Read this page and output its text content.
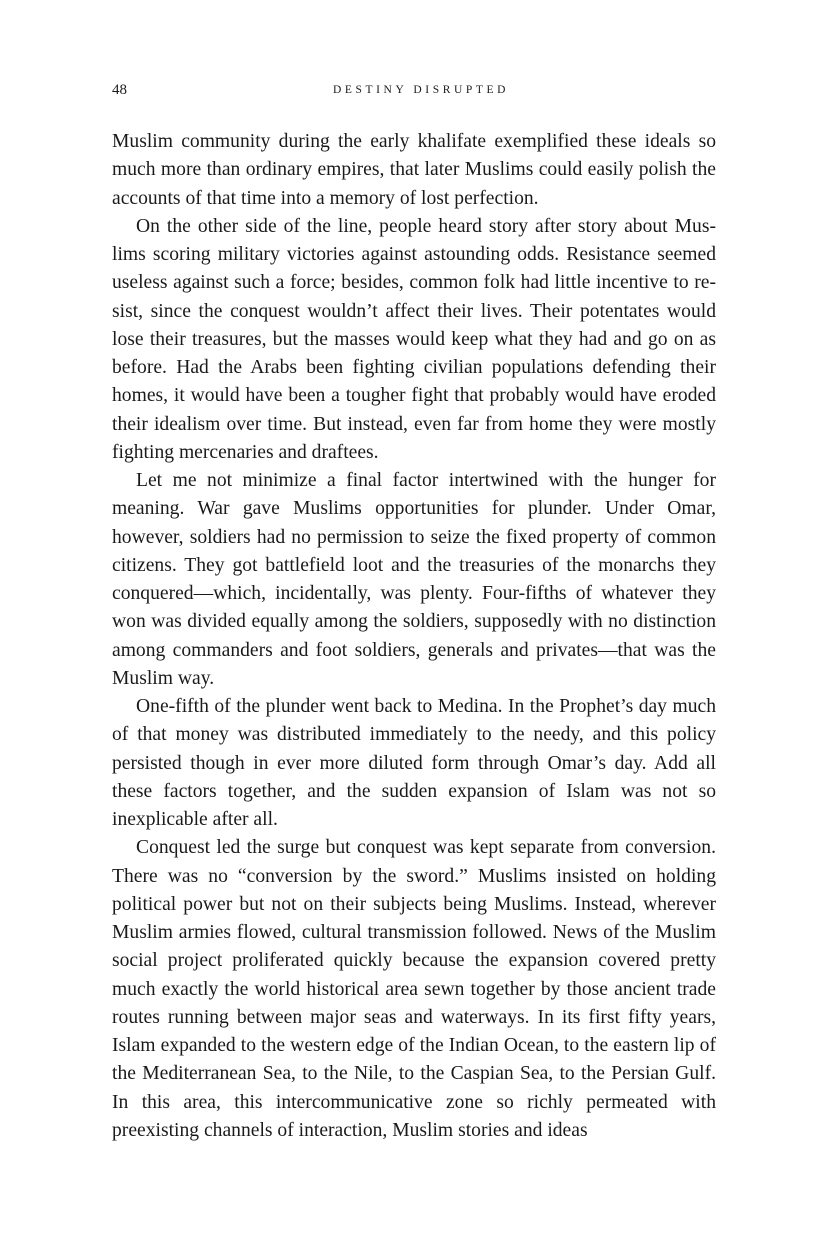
48	DESTINY DISRUPTED

Muslim community during the early khalifate exemplified these ideals so much more than ordinary empires, that later Muslims could easily polish the accounts of that time into a memory of lost perfection.

On the other side of the line, people heard story after story about Muslims scoring military victories against astounding odds. Resistance seemed useless against such a force; besides, common folk had little incentive to resist, since the conquest wouldn’t affect their lives. Their potentates would lose their treasures, but the masses would keep what they had and go on as before. Had the Arabs been fighting civilian populations defending their homes, it would have been a tougher fight that probably would have eroded their idealism over time. But instead, even far from home they were mostly fighting mercenaries and draftees.

Let me not minimize a final factor intertwined with the hunger for meaning. War gave Muslims opportunities for plunder. Under Omar, however, soldiers had no permission to seize the fixed property of common citizens. They got battlefield loot and the treasuries of the monarchs they conquered—which, incidentally, was plenty. Four-fifths of whatever they won was divided equally among the soldiers, supposedly with no distinction among commanders and foot soldiers, generals and privates—that was the Muslim way.

One-fifth of the plunder went back to Medina. In the Prophet’s day much of that money was distributed immediately to the needy, and this policy persisted though in ever more diluted form through Omar’s day. Add all these factors together, and the sudden expansion of Islam was not so inexplicable after all.

Conquest led the surge but conquest was kept separate from conversion. There was no “conversion by the sword.” Muslims insisted on holding political power but not on their subjects being Muslims. Instead, wherever Muslim armies flowed, cultural transmission followed. News of the Muslim social project proliferated quickly because the expansion covered pretty much exactly the world historical area sewn together by those ancient trade routes running between major seas and waterways. In its first fifty years, Islam expanded to the western edge of the Indian Ocean, to the eastern lip of the Mediterranean Sea, to the Nile, to the Caspian Sea, to the Persian Gulf. In this area, this intercommunicative zone so richly permeated with preexisting channels of interaction, Muslim stories and ideas
